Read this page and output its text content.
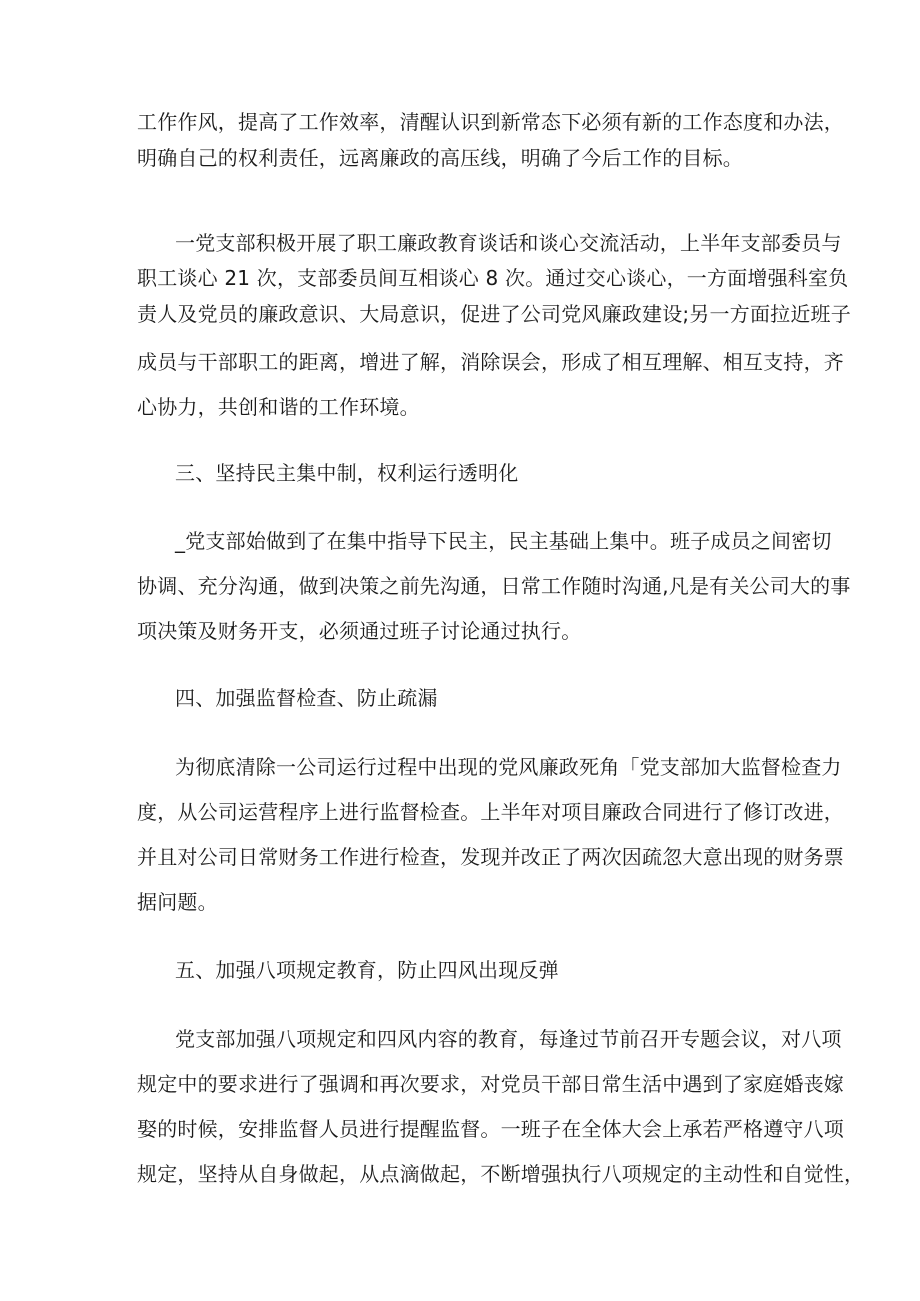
工作作风，提高了工作效率，清醒认识到新常态下必须有新的工作态度和办法，
明确自己的权利责任，远离廉政的高压线，明确了今后工作的目标。
一党支部积极开展了职工廉政教育谈话和谈心交流活动，上半年支部委员与
职工谈心 21 次，支部委员间互相谈心 8 次。通过交心谈心，一方面增强科室负
责人及党员的廉政意识、大局意识，促进了公司党风廉政建设;另一方面拉近班子
成员与干部职工的距离，增进了解，消除误会，形成了相互理解、相互支持，齐
心协力，共创和谐的工作环境。
三、坚持民主集中制，权利运行透明化
_党支部始做到了在集中指导下民主，民主基础上集中。班子成员之间密切
协调、充分沟通，做到决策之前先沟通，日常工作随时沟通,凡是有关公司大的事
项决策及财务开支，必须通过班子讨论通过执行。
四、加强监督检查、防止疏漏
为彻底清除一公司运行过程中出现的党风廉政死角「党支部加大监督检查力
度，从公司运营程序上进行监督检查。上半年对项目廉政合同进行了修订改进，
并且对公司日常财务工作进行检查，发现并改正了两次因疏忽大意出现的财务票
据问题。
五、加强八项规定教育，防止四风出现反弹
党支部加强八项规定和四风内容的教育，每逢过节前召开专题会议，对八项
规定中的要求进行了强调和再次要求，对党员干部日常生活中遇到了家庭婚丧嫁
娶的时候，安排监督人员进行提醒监督。一班子在全体大会上承若严格遵守八项
规定，坚持从自身做起，从点滴做起，不断增强执行八项规定的主动性和自觉性，
